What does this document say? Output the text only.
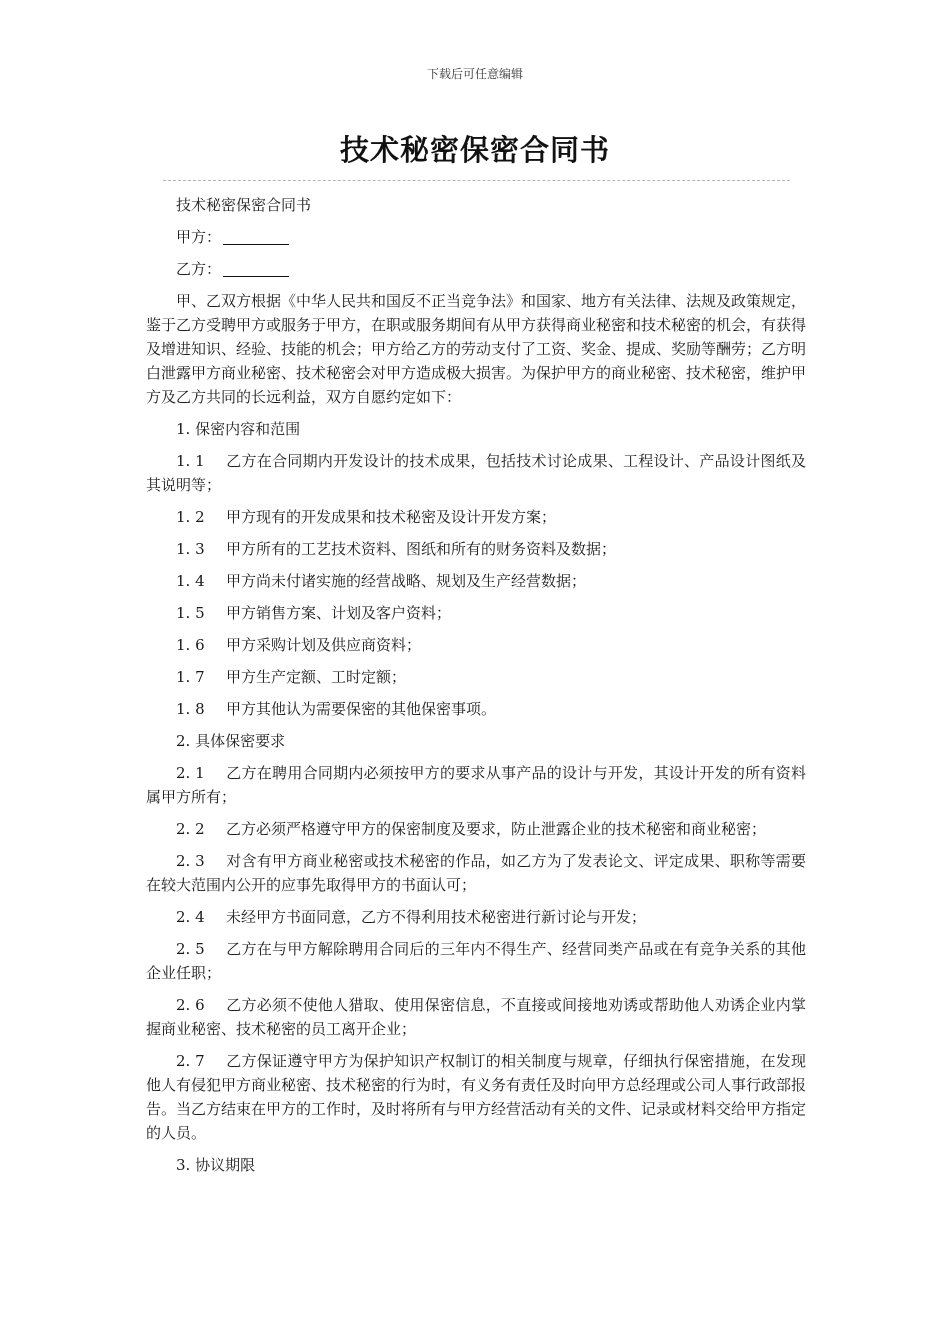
下载后可任意编辑
技术秘密保密合同书

技术秘密保密合同书

甲方：

乙方：

甲、乙双方根据《中华人民共和国反不正当竞争法》和国家、地方有关法律、法规及政策规定，鉴于乙方受聘甲方或服务于甲方，在职或服务期间有从甲方获得商业秘密和技术秘密的机会，有获得及增进知识、经验、技能的机会；甲方给乙方的劳动支付了工资、奖金、提成、奖励等酬劳；乙方明白泄露甲方商业秘密、技术秘密会对甲方造成极大损害。为保护甲方的商业秘密、技术秘密，维护甲方及乙方共同的长远利益，双方自愿约定如下：

1. 保密内容和范围

1. 1 乙方在合同期内开发设计的技术成果，包括技术讨论成果、工程设计、产品设计图纸及其说明等；

1. 2 甲方现有的开发成果和技术秘密及设计开发方案；

1. 3 甲方所有的工艺技术资料、图纸和所有的财务资料及数据；

1. 4 甲方尚未付诸实施的经营战略、规划及生产经营数据；

1. 5 甲方销售方案、计划及客户资料；

1. 6 甲方采购计划及供应商资料；

1. 7 甲方生产定额、工时定额；

1. 8 甲方其他认为需要保密的其他保密事项。

2. 具体保密要求

2. 1 乙方在聘用合同期内必须按甲方的要求从事产品的设计与开发，其设计开发的所有资料属甲方所有；

2. 2 乙方必须严格遵守甲方的保密制度及要求，防止泄露企业的技术秘密和商业秘密；

2. 3 对含有甲方商业秘密或技术秘密的作品，如乙方为了发表论文、评定成果、职称等需要在较大范围内公开的应事先取得甲方的书面认可；

2. 4 未经甲方书面同意，乙方不得利用技术秘密进行新讨论与开发；

2. 5 乙方在与甲方解除聘用合同后的三年内不得生产、经营同类产品或在有竞争关系的其他企业任职；

2. 6 乙方必须不使他人猎取、使用保密信息，不直接或间接地劝诱或帮助他人劝诱企业内掌握商业秘密、技术秘密的员工离开企业；

2. 7 乙方保证遵守甲方为保护知识产权制订的相关制度与规章，仔细执行保密措施，在发现他人有侵犯甲方商业秘密、技术秘密的行为时，有义务有责任及时向甲方总经理或公司人事行政部报告。当乙方结束在甲方的工作时，及时将所有与甲方经营活动有关的文件、记录或材料交给甲方指定的人员。

3. 协议期限
